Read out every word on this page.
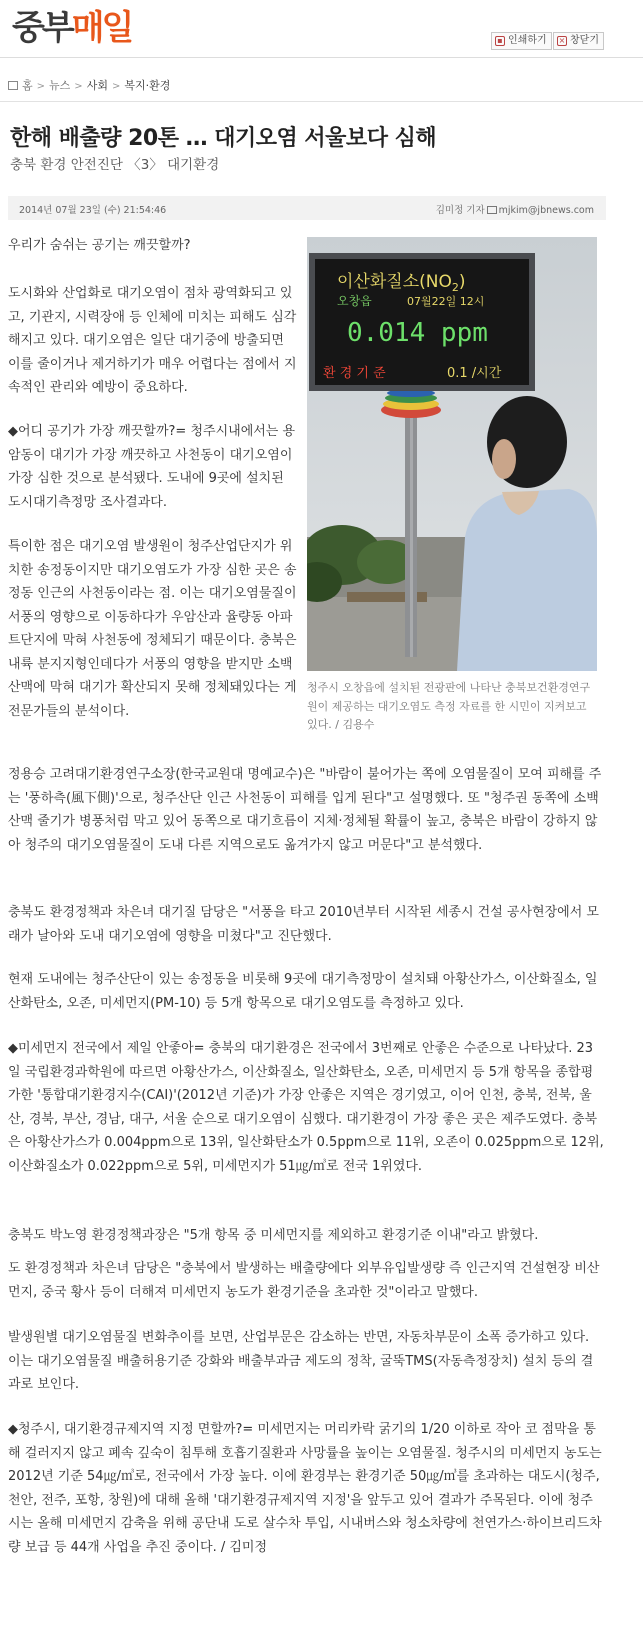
중부매일	▪ 인쇄하기	× 창닫기
홈 > 뉴스 > 사회 > 복지·환경
한해 배출량 20톤 … 대기오염 서울보다 심해
충북 환경 안전진단 〈3〉 대기환경
2014년 07월 23일 (수) 21:54:46	김미정 기자 mjkim@jbnews.com
우리가 숨쉬는 공기는 깨끗할까?
도시화와 산업화로 대기오염이 점차 광역화되고 있고, 기관지, 시력장애 등 인체에 미치는 피해도 심각해지고 있다. 대기오염은 일단 대기중에 방출되면 이를 줄이거나 제거하기가 매우 어렵다는 점에서 지속적인 관리와 예방이 중요하다.
◆어디 공기가 가장 깨끗할까?= 청주시내에서는 용암동이 대기가 가장 깨끗하고 사천동이 대기오염이 가장 심한 것으로 분석됐다. 도내에 9곳에 설치된 도시대기측정망 조사결과다.
특이한 점은 대기오염 발생원이 청주산업단지가 위치한 송정동이지만 대기오염도가 가장 심한 곳은 송정동 인근의 사천동이라는 점. 이는 대기오염물질이 서풍의 영향으로 이동하다가 우암산과 율량동 아파트단지에 막혀 사천동에 정체되기 때문이다. 충북은 내륙 분지지형인데다가 서풍의 영향을 받지만 소백산맥에 막혀 대기가 확산되지 못해 정체돼있다는 게 전문가들의 분석이다.
이산화질소$(NO_2)$
오창읍	07월22일 12시
0.014 ppm
환 경 기 준	0.1 /시간
청주시 오창읍에 설치된 전광판에 나타난 충북보건환경연구원이 제공하는 대기오염도 측정 자료를 한 시민이 지켜보고 있다. / 김용수
정용승 고려대기환경연구소장(한국교원대 명예교수)은 "바람이 불어가는 쪽에 오염물질이 모여 피해를 주는 '풍하측(風下側)'으로, 청주산단 인근 사천동이 피해를 입게 된다"고 설명했다. 또 "청주권 동쪽에 소백산맥 줄기가 병풍처럼 막고 있어 동쪽으로 대기흐름이 지체·정체될 확률이 높고, 충북은 바람이 강하지 않아 청주의 대기오염물질이 도내 다른 지역으로도 옮겨가지 않고 머문다"고 분석했다.
충북도 환경정책과 차은녀 대기질 담당은 "서풍을 타고 2010년부터 시작된 세종시 건설 공사현장에서 모래가 날아와 도내 대기오염에 영향을 미쳤다"고 진단했다.
현재 도내에는 청주산단이 있는 송정동을 비롯해 9곳에 대기측정망이 설치돼 아황산가스, 이산화질소, 일산화탄소, 오존, 미세먼지(PM-10) 등 5개 항목으로 대기오염도를 측정하고 있다.
◆미세먼지 전국에서 제일 안좋아= 충북의 대기환경은 전국에서 3번째로 안좋은 수준으로 나타났다. 23일 국립환경과학원에 따르면 아황산가스, 이산화질소, 일산화탄소, 오존, 미세먼지 등 5개 항목을 종합평가한 '통합대기환경지수(CAI)'(2012년 기준)가 가장 안좋은 지역은 경기였고, 이어 인천, 충북, 전북, 울산, 경북, 부산, 경남, 대구, 서울 순으로 대기오염이 심했다. 대기환경이 가장 좋은 곳은 제주도였다. 충북은 아황산가스가 0.004ppm으로 13위, 일산화탄소가 0.5ppm으로 11위, 오존이 0.025ppm으로 12위, 이산화질소가 0.022ppm으로 5위, 미세먼지가 51㎍/㎥로 전국 1위였다.
충북도 박노영 환경정책과장은 "5개 항목 중 미세먼지를 제외하고 환경기준 이내"라고 밝혔다.
도 환경정책과 차은녀 담당은 "충북에서 발생하는 배출량에다 외부유입발생량 즉 인근지역 건설현장 비산먼지, 중국 황사 등이 더해져 미세먼지 농도가 환경기준을 초과한 것"이라고 말했다.
발생원별 대기오염물질 변화추이를 보면, 산업부문은 감소하는 반면, 자동차부문이 소폭 증가하고 있다. 이는 대기오염물질 배출허용기준 강화와 배출부과금 제도의 정착, 굴뚝TMS(자동측정장치) 설치 등의 결과로 보인다.
◆청주시, 대기환경규제지역 지정 면할까?= 미세먼지는 머리카락 굵기의 1/20 이하로 작아 코 점막을 통해 걸러지지 않고 폐속 깊숙이 침투해 호흡기질환과 사망률을 높이는 오염물질. 청주시의 미세먼지 농도는 2012년 기준 54㎍/㎥로, 전국에서 가장 높다. 이에 환경부는 환경기준 50㎍/㎥를 초과하는 대도시(청주, 천안, 전주, 포항, 창원)에 대해 올해 '대기환경규제지역 지정'을 앞두고 있어 결과가 주목된다. 이에 청주시는 올해 미세먼지 감축을 위해 공단내 도로 살수차 투입, 시내버스와 청소차량에 천연가스·하이브리드차량 보급 등 44개 사업을 추진 중이다. / 김미정
